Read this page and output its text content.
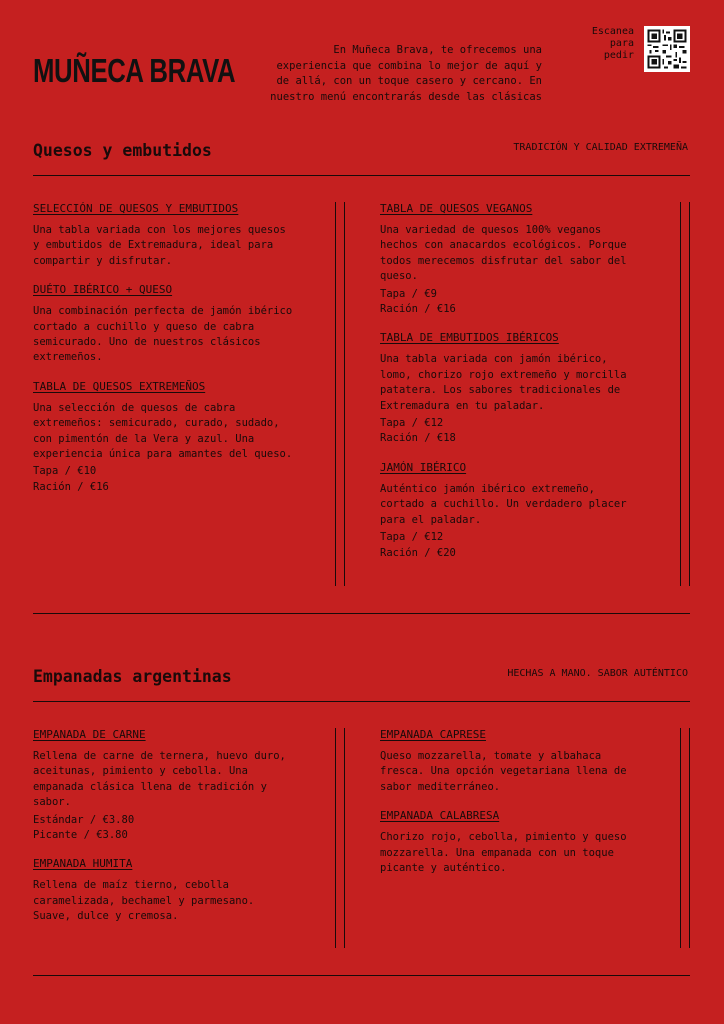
MUÑECA BRAVA
En Muñeca Brava, te ofrecemos una
experiencia que combina lo mejor de aquí y
de allá, con un toque casero y cercano. En
nuestro menú encontrarás desde las clásicas
Escanea
para
pedir
Quesos y embutidos	TRADICIÓN Y CALIDAD EXTREMEÑA
SELECCIÓN DE QUESOS Y EMBUTIDOS
Una tabla variada con los mejores quesos y embutidos de Extremadura, ideal para compartir y disfrutar.
DUÉTO IBÉRICO + QUESO
Una combinación perfecta de jamón ibérico cortado a cuchillo y queso de cabra semicurado. Uno de nuestros clásicos extremeños.
TABLA DE QUESOS EXTREMEÑOS
Una selección de quesos de cabra extremeños: semicurado, curado, sudado, con pimentón de la Vera y azul. Una experiencia única para amantes del queso.
Tapa / €10
Ración / €16
TABLA DE QUESOS VEGANOS
Una variedad de quesos 100% veganos hechos con anacardos ecológicos. Porque todos merecemos disfrutar del sabor del queso.
Tapa / €9
Ración / €16
TABLA DE EMBUTIDOS IBÉRICOS
Una tabla variada con jamón ibérico, lomo, chorizo rojo extremeño y morcilla patatera. Los sabores tradicionales de Extremadura en tu paladar.
Tapa / €12
Ración / €18
JAMÓN IBÉRICO
Auténtico jamón ibérico extremeño, cortado a cuchillo. Un verdadero placer para el paladar.
Tapa / €12
Ración / €20
Empanadas argentinas	HECHAS A MANO. SABOR AUTÉNTICO
EMPANADA DE CARNE
Rellena de carne de ternera, huevo duro, aceitunas, pimiento y cebolla. Una empanada clásica llena de tradición y sabor.
Estándar / €3.80
Picante / €3.80
EMPANADA HUMITA
Rellena de maíz tierno, cebolla caramelizada, bechamel y parmesano. Suave, dulce y cremosa.
EMPANADA CAPRESE
Queso mozzarella, tomate y albahaca fresca. Una opción vegetariana llena de sabor mediterráneo.
EMPANADA CALABRESA
Chorizo rojo, cebolla, pimiento y queso mozzarella. Una empanada con un toque picante y auténtico.
